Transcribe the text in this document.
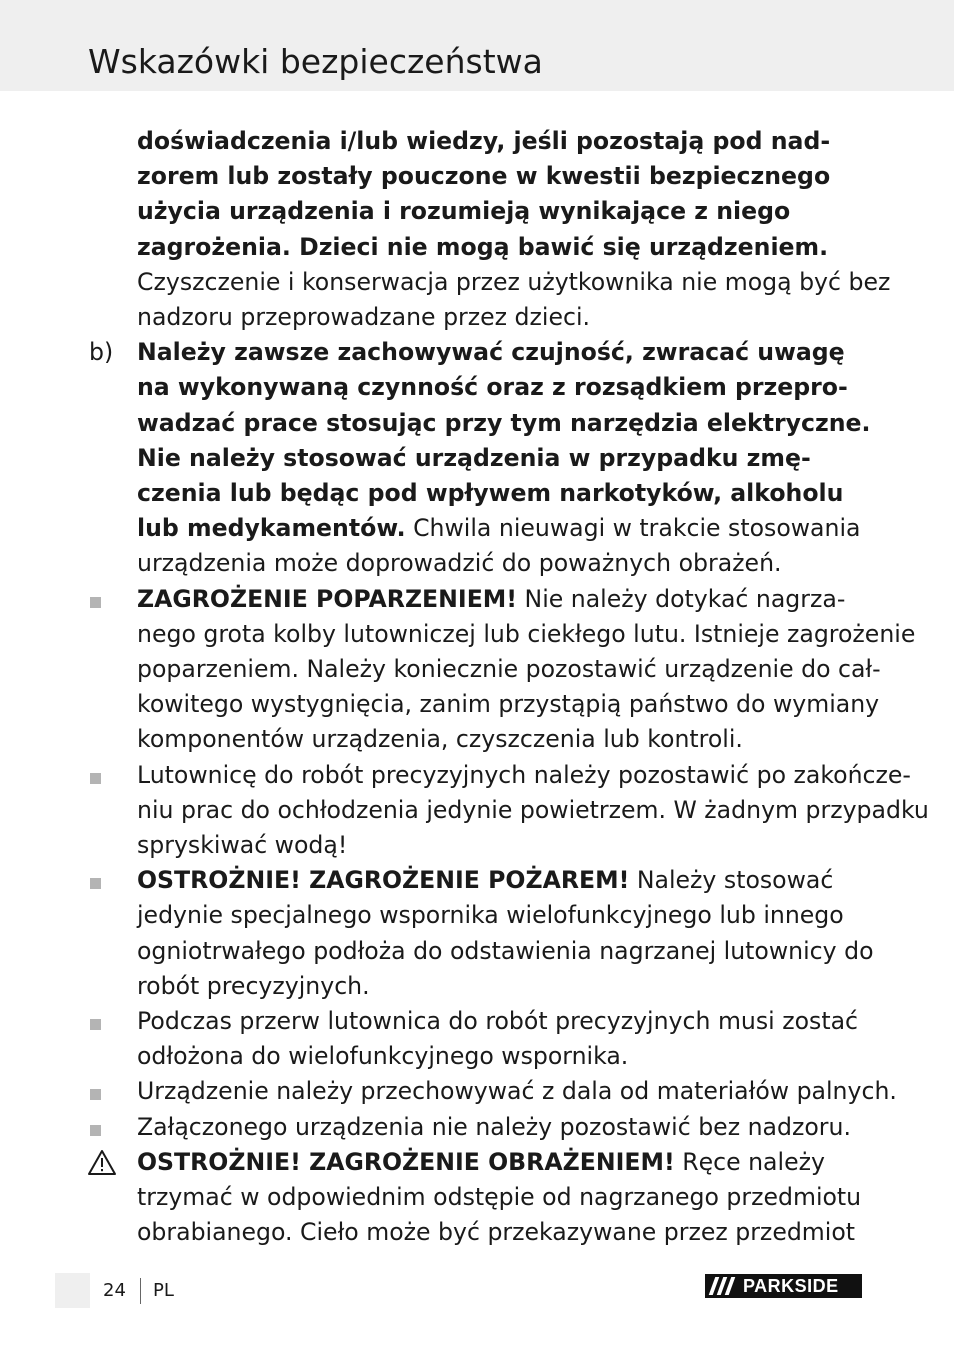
Wskazówki bezpieczeństwa
doświadczenia i/lub wiedzy, jeśli pozostają pod nad-
zorem lub zostały pouczone w kwestii bezpiecznego
użycia urządzenia i rozumieją wynikające z niego
zagrożenia. Dzieci nie mogą bawić się urządzeniem.
Czyszczenie i konserwacja przez użytkownika nie mogą być bez
nadzoru przeprowadzane przez dzieci.
b) Należy zawsze zachowywać czujność, zwracać uwagę
na wykonywaną czynność oraz z rozsądkiem przepro-
wadzać prace stosując przy tym narzędzia elektryczne.
Nie należy stosować urządzenia w przypadku zmę-
czenia lub będąc pod wpływem narkotyków, alkoholu
lub medykamentów. Chwila nieuwagi w trakcie stosowania
urządzenia może doprowadzić do poważnych obrażeń.
ZAGROŻENIE POPARZENIEM! Nie należy dotykać nagrza-
nego grota kolby lutowniczej lub ciekłego lutu. Istnieje zagrożenie
poparzeniem. Należy koniecznie pozostawić urządzenie do cał-
kowitego wystygnięcia, zanim przystąpią państwo do wymiany
komponentów urządzenia, czyszczenia lub kontroli.
Lutownicę do robót precyzyjnych należy pozostawić po zakończe-
niu prac do ochłodzenia jedynie powietrzem. W żadnym przypadku
spryskiwać wodą!
OSTROŻNIE! ZAGROŻENIE POŻAREM! Należy stosować
jedynie specjalnego wspornika wielofunkcyjnego lub innego
ogniotrwałego podłoża do odstawienia nagrzanej lutownicy do
robót precyzyjnych.
Podczas przerw lutownica do robót precyzyjnych musi zostać
odłożona do wielofunkcyjnego wspornika.
Urządzenie należy przechowywać z dala od materiałów palnych.
Załączonego urządzenia nie należy pozostawić bez nadzoru.
OSTROŻNIE! ZAGROŻENIE OBRAŻENIEM! Ręce należy
trzymać w odpowiednim odstępie od nagrzanego przedmiotu
obrabianego. Cieło może być przekazywane przez przedmiot
24 PL	PARKSIDE
